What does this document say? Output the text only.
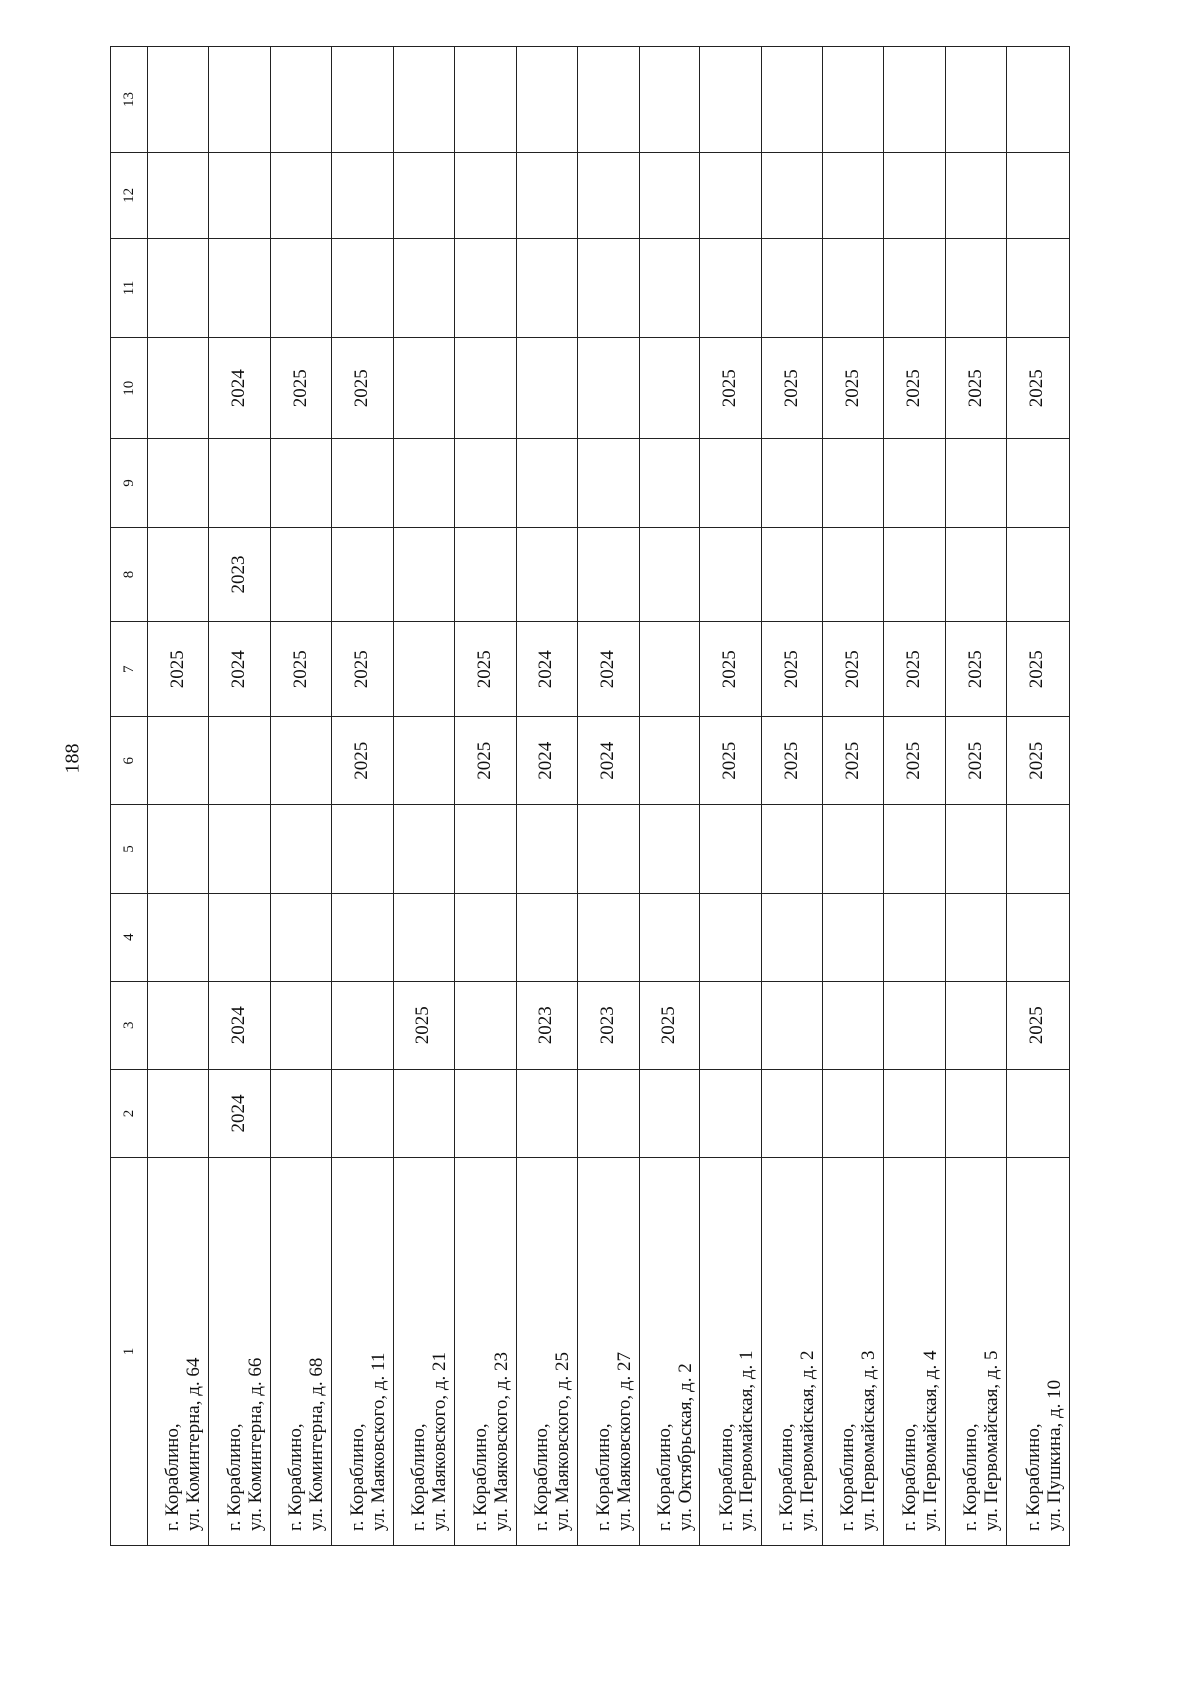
188
1	2	3	4	5	6	7	8	9	10	11	12	13

г. Кораблино, ул. Коминтерна, д. 64						2025						

г. Кораблино, ул. Коминтерна, д. 66	2024	2024				2024	2023		2024			

г. Кораблино, ул. Коминтерна, д. 68						2025			2025			

г. Кораблино, ул. Маяковского, д. 11					2025	2025			2025			

г. Кораблино, ул. Маяковского, д. 21		2025										

г. Кораблино, ул. Маяковского, д. 23					2025	2025						

г. Кораблино, ул. Маяковского, д. 25		2023			2024	2024						

г. Кораблино, ул. Маяковского, д. 27		2023			2024	2024						

г. Кораблино, ул. Октябрьская, д. 2		2025										

г. Кораблино, ул. Первомайская, д. 1					2025	2025			2025			

г. Кораблино, ул. Первомайская, д. 2					2025	2025			2025			

г. Кораблино, ул. Первомайская, д. 3					2025	2025			2025			

г. Кораблино, ул. Первомайская, д. 4					2025	2025			2025			

г. Кораблино, ул. Первомайская, д. 5					2025	2025			2025			

г. Кораблино, ул. Пушкина, д. 10		2025			2025	2025			2025			
